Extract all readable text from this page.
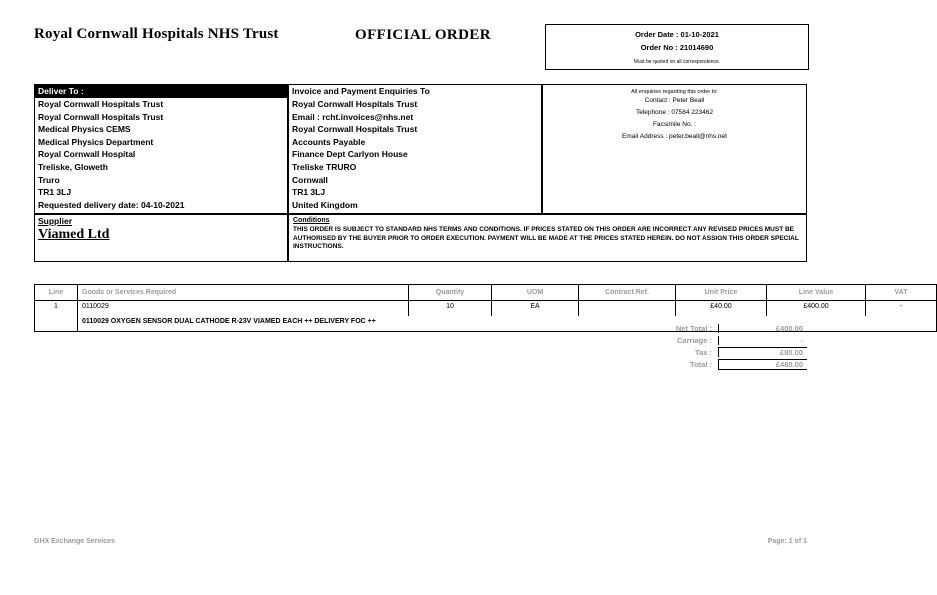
Royal Cornwall Hospitals NHS Trust	OFFICIAL ORDER	Order Date : 01-10-2021
Order No : 21014690
Must be quoted on all correspondence.
Deliver To :
Royal Cornwall Hospitals Trust
Royal Cornwall Hospitals Trust
Medical Physics CEMS
Medical Physics Department
Royal Cornwall Hospital
Treliske, Gloweth
Truro
TR1 3LJ
Requested delivery date: 04-10-2021
Invoice and Payment Enquiries To
Royal Cornwall Hospitals Trust
Email : rcht.invoices@nhs.net
Royal Cornwall Hospitals Trust
Accounts Payable
Finance Dept Carlyon House
Treliske TRURO
Cornwall
TR1 3LJ
United Kingdom
All enquiries regarding this order to:
Contact : Peter Beall
Telephone : 07584 223462
Facsimile No. :
Email Address : peter.beall@nhs.net
Supplier
Viamed Ltd
Conditions
THIS ORDER IS SUBJECT TO STANDARD NHS TERMS AND CONDITIONS. IF PRICES STATED ON THIS ORDER ARE INCORRECT ANY REVISED PRICES MUST BE AUTHORISED BY THE BUYER PRIOR TO ORDER EXECUTION. PAYMENT WILL BE MADE AT THE PRICES STATED HEREIN. DO NOT ASSIGN THIS ORDER SPECIAL INSTRUCTIONS.
Line	Goods or Services Required	Quantity	UOM	Contract Ref.	Unit Price	Line Value	VAT
1	0110029	10	EA		£40.00	£400.00	-
	0110029 OXYGEN SENSOR DUAL CATHODE R-23V VIAMED EACH ++ DELIVERY FOC ++						
Net Total :	£400.00
Carriage :	-
Tax :	£80.00
Total :	£480.00
GHX Exchange Services	Page: 1 of 1
